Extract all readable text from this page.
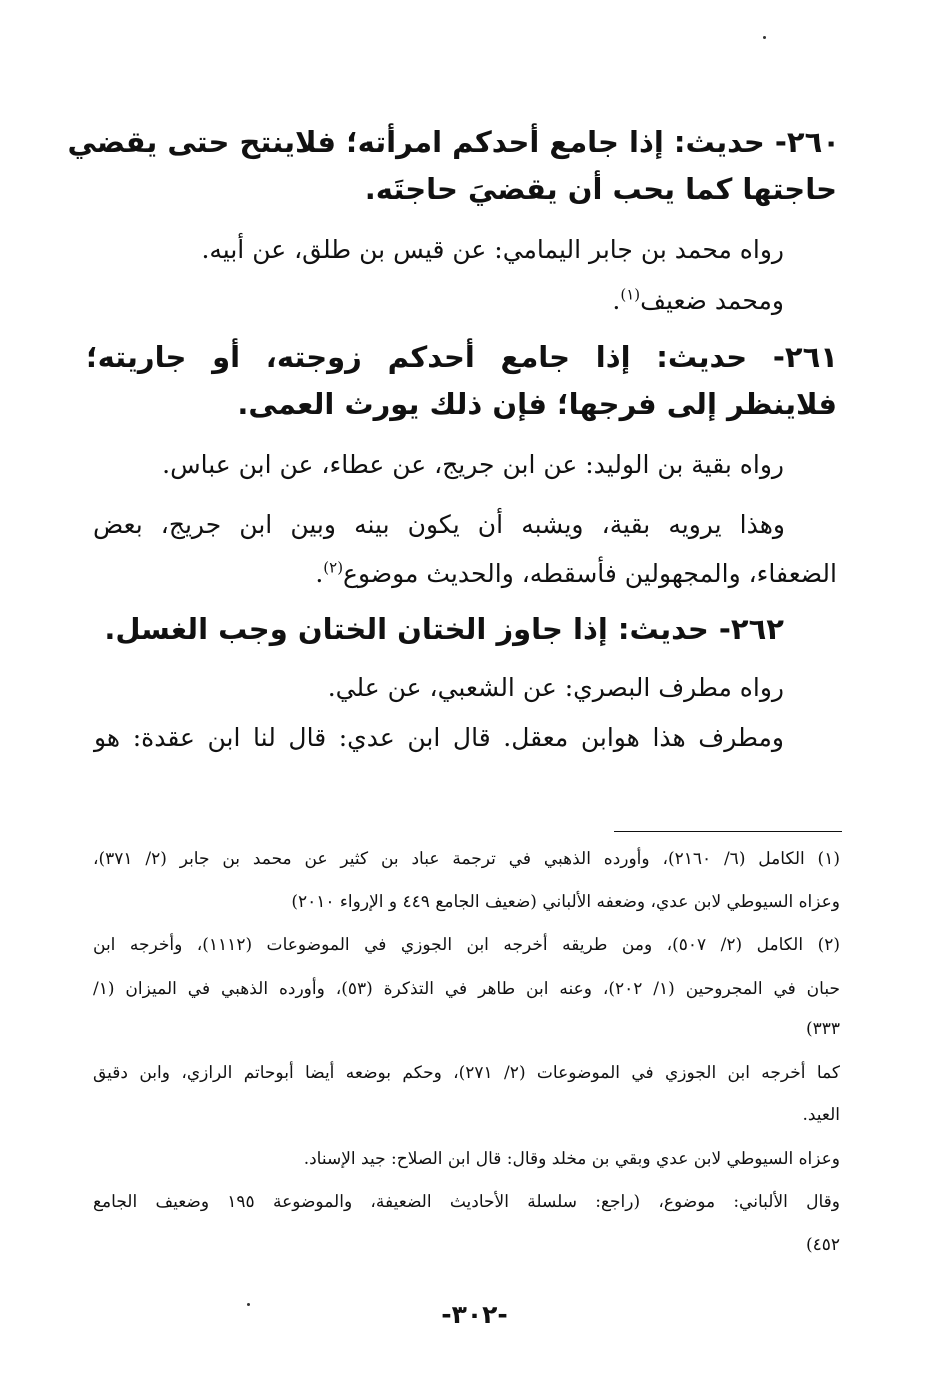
٢٦٠- حديث: إذا جامع أحدكم امرأته؛ فلاينتح حتى يقضي
حاجتها كما يحب أن يقضيَ حاجتَه.
رواه محمد بن جابر اليمامي: عن قيس بن طلق، عن أبيه.
ومحمد ضعيف$^{(١)}$.
٢٦١- حديث: إذا جامع أحدكم زوجته، أو جاريته؛
فلاينظر إلى فرجها؛ فإن ذلك يورث العمى.
رواه بقية بن الوليد: عن ابن جريج، عن عطاء، عن ابن عباس.
وهذا يرويه بقية، ويشبه أن يكون بينه وبين ابن جريج، بعض
الضعفاء، والمجهولين فأسقطه، والحديث موضوع$^{(٢)}$.
٢٦٢- حديث: إذا جاوز الختان الختان وجب الغسل.
رواه مطرف البصري: عن الشعبي، عن علي.
ومطرف هذا هوابن معقل. قال ابن عدي: قال لنا ابن عقدة: هو
(١) الكامل (٦/ ٢١٦٠)، وأورده الذهبي في ترجمة عباد بن كثير عن محمد بن جابر (٢/ ٣٧١)،
وعزاه السيوطي لابن عدي، وضعفه الألباني (ضعيف الجامع ٤٤٩ و الإرواء ٢٠١٠)
(٢) الكامل (٢/ ٥٠٧)، ومن طريقه أخرجه ابن الجوزي في الموضوعات (١١١٢)، وأخرجه ابن
حبان في المجروحين (١/ ٢٠٢)، وعنه ابن طاهر في التذكرة (٥٣)، وأورده الذهبي في الميزان (١/
٣٣٣)
كما أخرجه ابن الجوزي في الموضوعات (٢/ ٢٧١)، وحكم بوضعه أيضا أبوحاتم الرازي، وابن دقيق
العيد.
وعزاه السيوطي لابن عدي وبقي بن مخلد وقال: قال ابن الصلاح: جيد الإسناد.
وقال الألباني: موضوع، (راجع: سلسلة الأحاديث الضعيفة، والموضوعة ١٩٥ وضعيف الجامع
٤٥٢)
-٣٠٢-
